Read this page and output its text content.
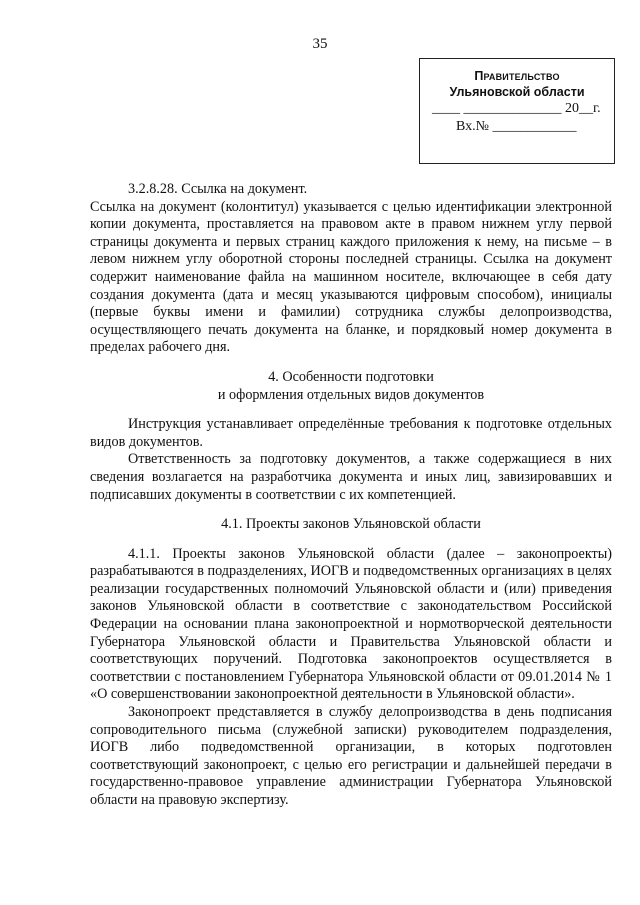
35
Правительство
Ульяновской области
____ ______________ 20__г.
Вх.№ ____________

3.2.8.28. Ссылка на документ.

Ссылка на документ (колонтитул) указывается с целью идентификации электронной копии документа, проставляется на правовом акте в правом нижнем углу первой страницы документа и первых страниц каждого приложения к нему, на письме – в левом нижнем углу оборотной стороны последней страницы. Ссылка на документ содержит наименование файла на машинном носителе, включающее в себя дату создания документа (дата и месяц указываются цифровым способом), инициалы (первые буквы имени и фамилии) сотрудника службы делопроизводства, осуществляющего печать документа на бланке, и порядковый номер документа в пределах рабочего дня.

4. Особенности подготовки

и оформления отдельных видов документов

Инструкция устанавливает определённые требования к подготовке отдельных видов документов.

Ответственность за подготовку документов, а также содержащиеся в них сведения возлагается на разработчика документа и иных лиц, завизировавших и подписавших документы в соответствии с их компетенцией.

4.1. Проекты законов Ульяновской области

4.1.1. Проекты законов Ульяновской области (далее – законопроекты) разрабатываются в подразделениях, ИОГВ и подведомственных организациях в целях реализации государственных полномочий Ульяновской области и (или) приведения законов Ульяновской области в соответствие с законодательством Российской Федерации на основании плана законопроектной и нормотворческой деятельности Губернатора Ульяновской области и Правительства Ульяновской области и соответствующих поручений. Подготовка законопроектов осуществляется в соответствии с постановлением Губернатора Ульяновской области от 09.01.2014 № 1 «О совершенствовании законопроектной деятельности в Ульяновской области».

Законопроект представляется в службу делопроизводства в день подписания сопроводительного письма (служебной записки) руководителем подразделения, ИОГВ либо подведомственной организации, в которых подготовлен соответствующий законопроект, с целью его регистрации и дальнейшей передачи в государственно-правовое управление администрации Губернатора Ульяновской области на правовую экспертизу.
